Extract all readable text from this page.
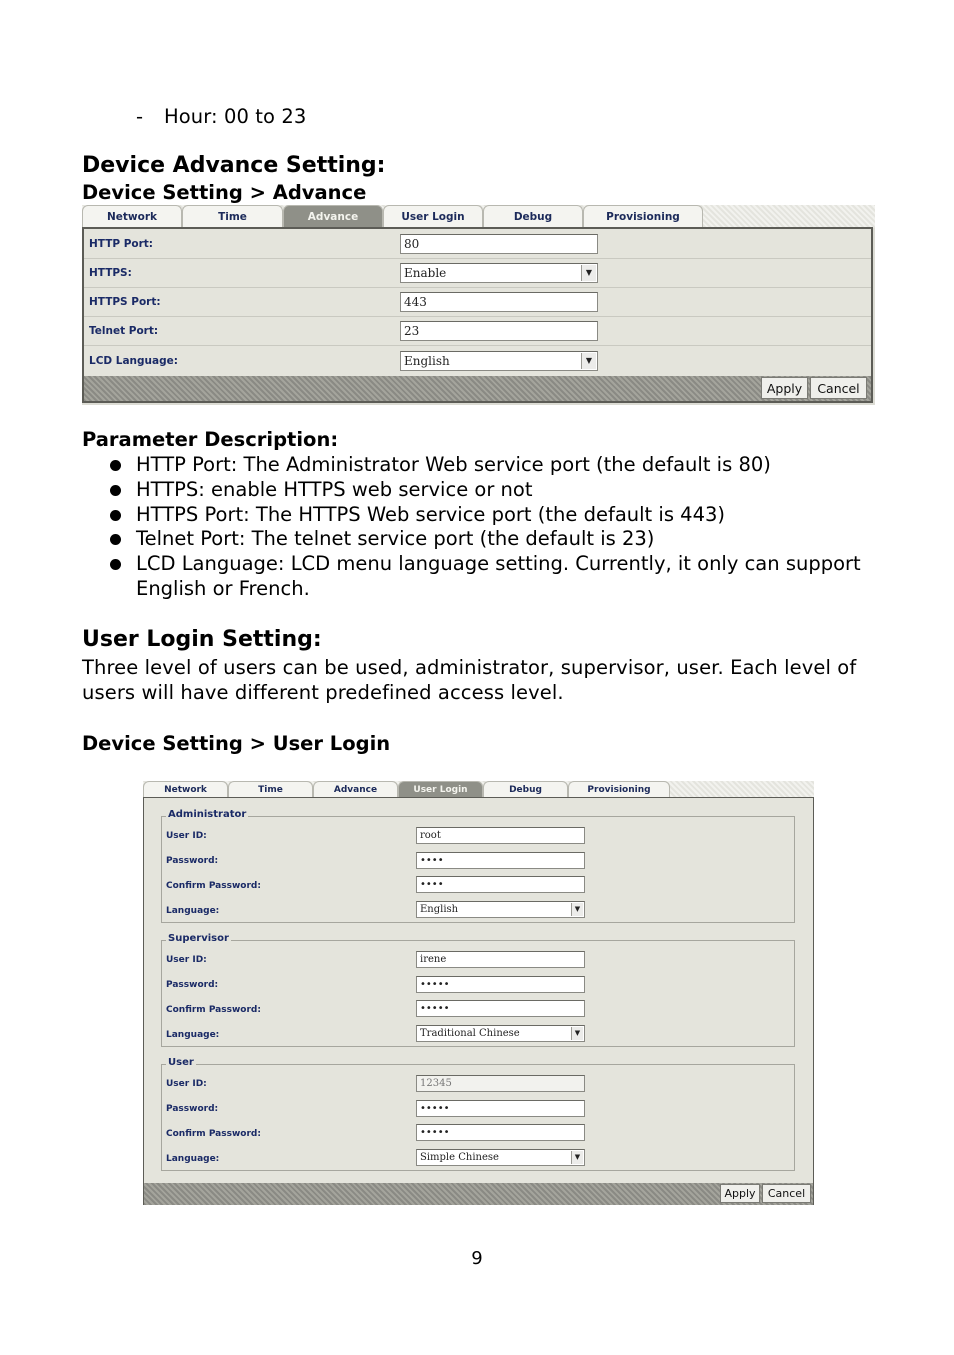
- Hour: 00 to 23
Device Advance Setting:
Device Setting > Advance
Network	Time	Advance	User Login	Debug	Provisioning
HTTP Port:	80
HTTPS:	Enable	▼
HTTPS Port:	443
Telnet Port:	23
LCD Language:	English	▼
Apply	Cancel
Parameter Description:
HTTP Port: The Administrator Web service port (the default is 80)
HTTPS: enable HTTPS web service or not
HTTPS Port: The HTTPS Web service port (the default is 443)
Telnet Port: The telnet service port (the default is 23)
LCD Language: LCD menu language setting. Currently, it only can support English or French.
User Login Setting:
Three level of users can be used, administrator, supervisor, user. Each level of users will have different predefined access level.
Device Setting > User Login
Network	Time	Advance	User Login	Debug	Provisioning
Administrator
User ID:	root
Password:	••••
Confirm Password:	••••
Language:	English	▼
Supervisor
User ID:	irene
Password:	•••••
Confirm Password:	•••••
Language:	Traditional Chinese	▼
User
User ID:	12345
Password:	•••••
Confirm Password:	•••••
Language:	Simple Chinese	▼
Apply	Cancel
9
